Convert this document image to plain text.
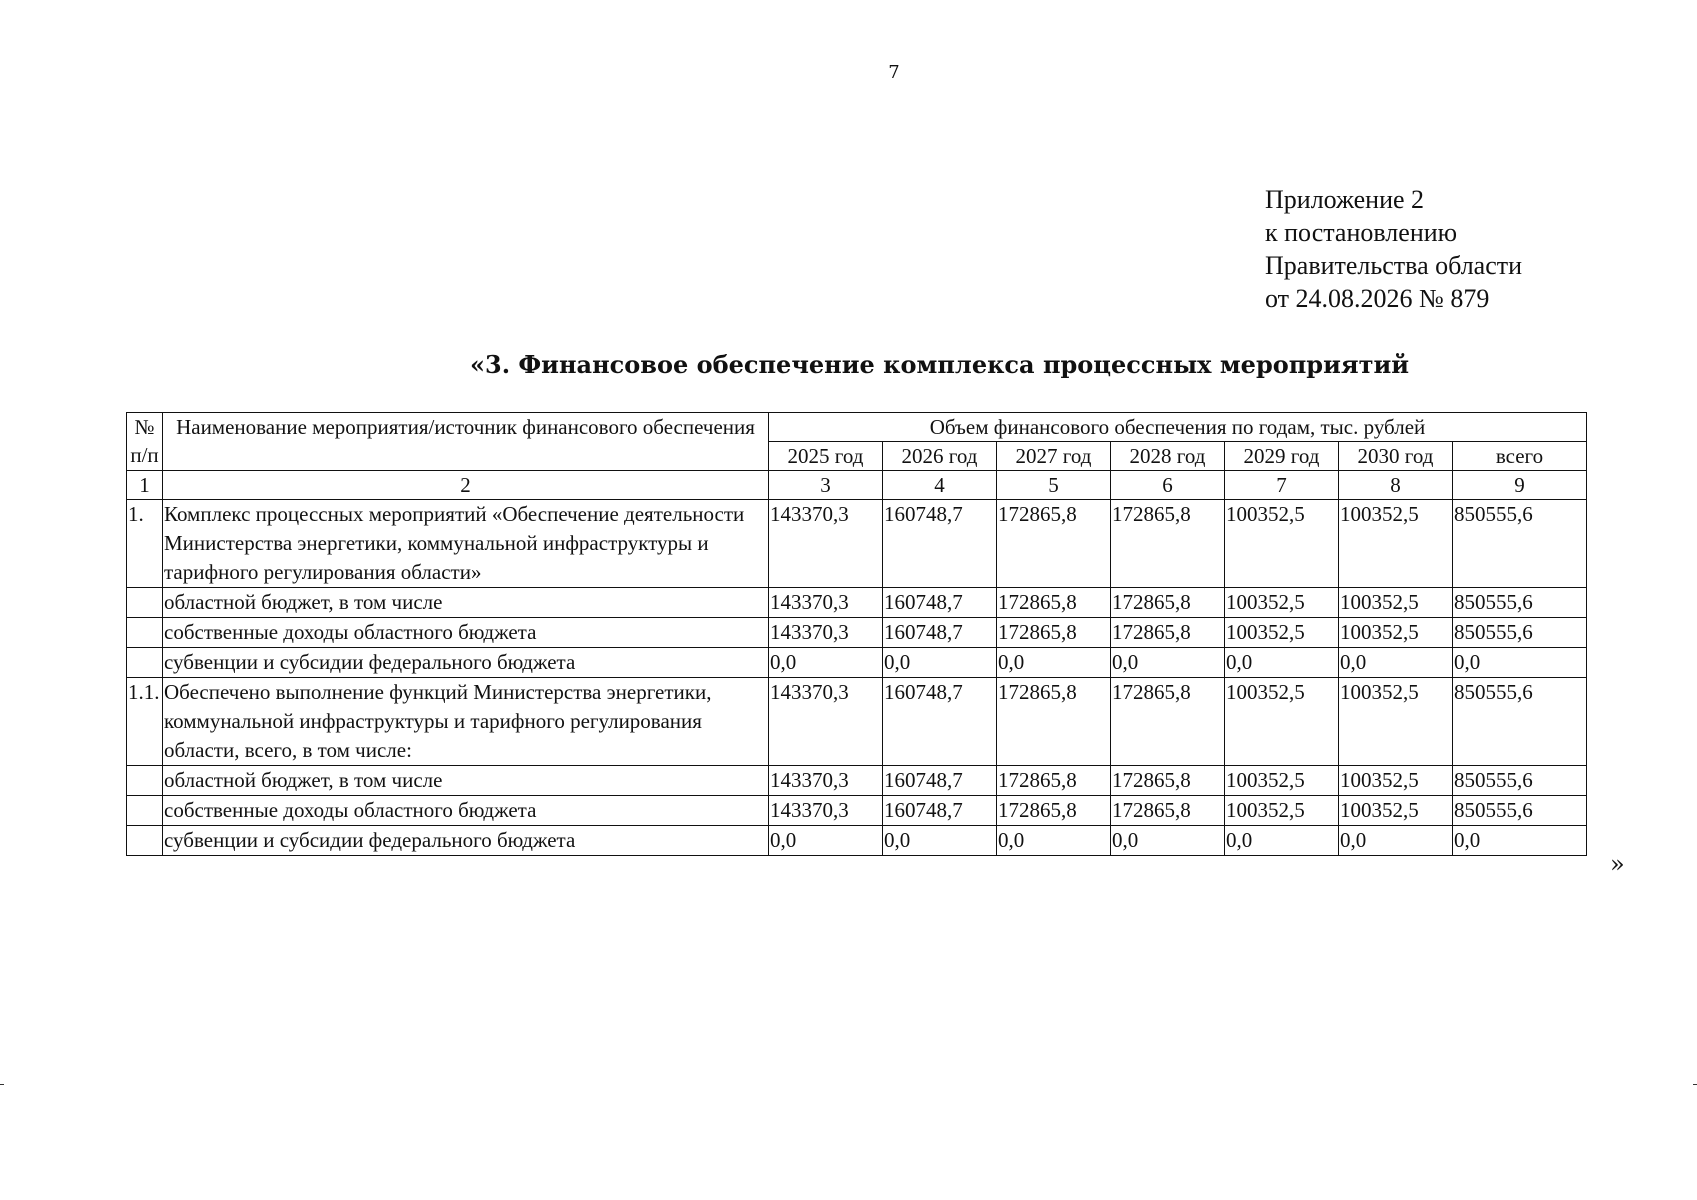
7
Приложение 2
к постановлению
Правительства области
от 24.08.2026 № 879
«3. Финансовое обеспечение комплекса процессных мероприятий
№ п/п	Наименование мероприятия/источник финансового обеспечения	Объем финансового обеспечения по годам, тыс. рублей						
		2025 год	2026 год	2027 год	2028 год	2029 год	2030 год	всего
1	2	3	4	5	6	7	8	9
1.	Комплекс процессных мероприятий «Обеспечение деятельности Министерства энергетики, коммунальной инфраструктуры и тарифного регулирования области»	143370,3	160748,7	172865,8	172865,8	100352,5	100352,5	850555,6
	областной бюджет, в том числе	143370,3	160748,7	172865,8	172865,8	100352,5	100352,5	850555,6
	собственные доходы областного бюджета	143370,3	160748,7	172865,8	172865,8	100352,5	100352,5	850555,6
	субвенции и субсидии федерального бюджета	0,0	0,0	0,0	0,0	0,0	0,0	0,0
1.1.	Обеспечено выполнение функций Министерства энергетики, коммунальной инфраструктуры и тарифного регулирования области, всего, в том числе:	143370,3	160748,7	172865,8	172865,8	100352,5	100352,5	850555,6
	областной бюджет, в том числе	143370,3	160748,7	172865,8	172865,8	100352,5	100352,5	850555,6
	собственные доходы областного бюджета	143370,3	160748,7	172865,8	172865,8	100352,5	100352,5	850555,6
	субвенции и субсидии федерального бюджета	0,0	0,0	0,0	0,0	0,0	0,0	0,0
»
